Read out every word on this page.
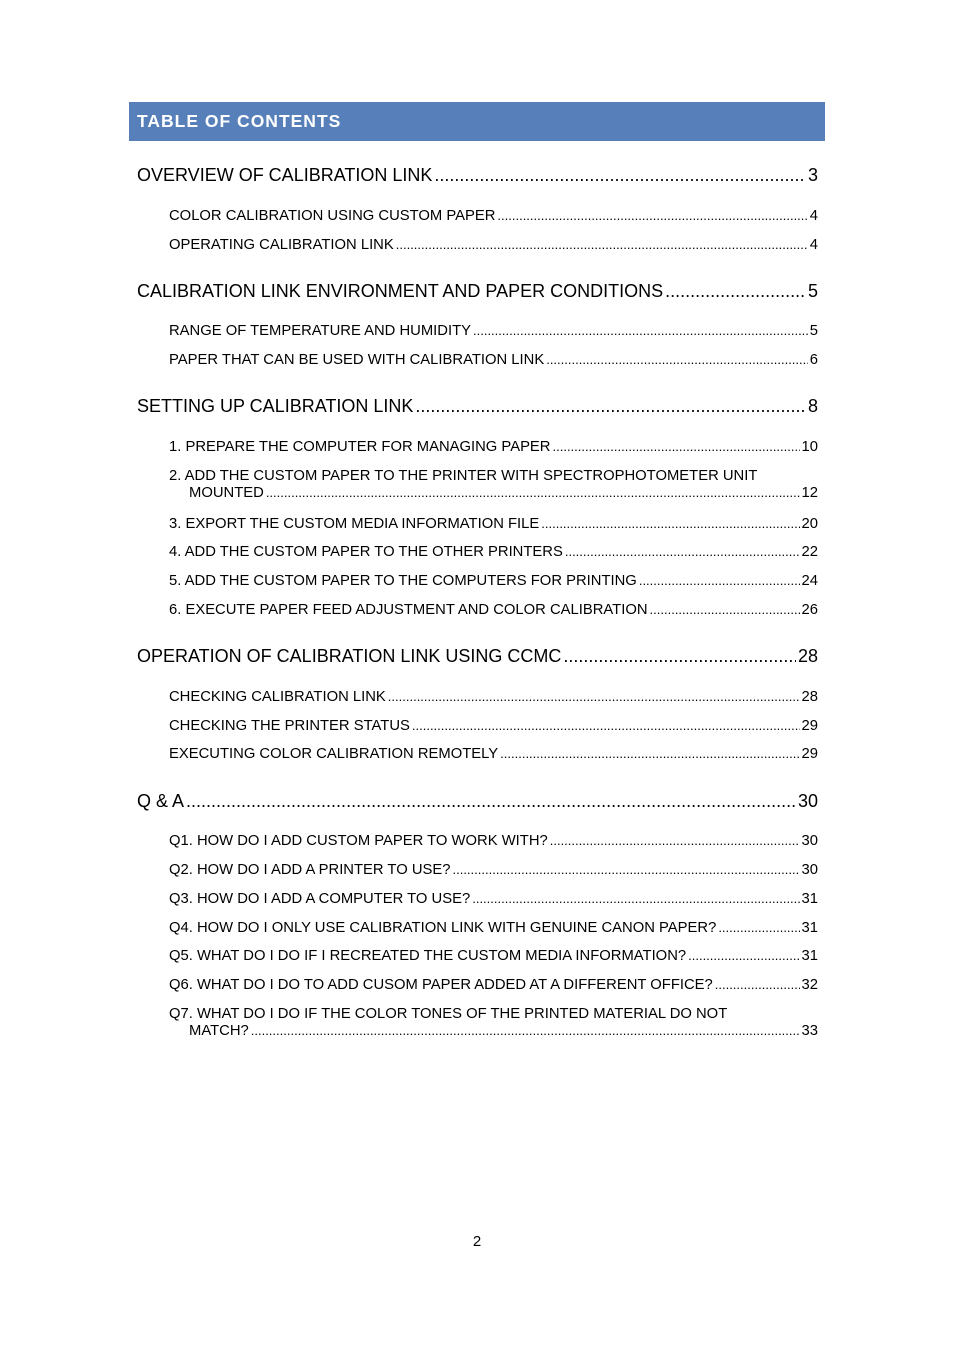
TABLE OF CONTENTS
OVERVIEW OF CALIBRATION LINK .....	3
COLOR CALIBRATION USING CUSTOM PAPER .....	4
OPERATING CALIBRATION LINK .....	4
CALIBRATION LINK ENVIRONMENT AND PAPER CONDITIONS .....	5
RANGE OF TEMPERATURE AND HUMIDITY .....	5
PAPER THAT CAN BE USED WITH CALIBRATION LINK .....	6
SETTING UP CALIBRATION LINK .....	8
1. PREPARE THE COMPUTER FOR MANAGING PAPER .....	10
2. ADD THE CUSTOM PAPER TO THE PRINTER WITH SPECTROPHOTOMETER UNIT
MOUNTED .....	12
3. EXPORT THE CUSTOM MEDIA INFORMATION FILE .....	20
4. ADD THE CUSTOM PAPER TO THE OTHER PRINTERS .....	22
5. ADD THE CUSTOM PAPER TO THE COMPUTERS FOR PRINTING .....	24
6. EXECUTE PAPER FEED ADJUSTMENT AND COLOR CALIBRATION .....	26
OPERATION OF CALIBRATION LINK USING CCMC .....	28
CHECKING CALIBRATION LINK .....	28
CHECKING THE PRINTER STATUS .....	29
EXECUTING COLOR CALIBRATION REMOTELY .....	29
Q & A .....	30
Q1. HOW DO I ADD CUSTOM PAPER TO WORK WITH? .....	30
Q2. HOW DO I ADD A PRINTER TO USE? .....	30
Q3. HOW DO I ADD A COMPUTER TO USE? .....	31
Q4. HOW DO I ONLY USE CALIBRATION LINK WITH GENUINE CANON PAPER? .....	31
Q5. WHAT DO I DO IF I RECREATED THE CUSTOM MEDIA INFORMATION? .....	31
Q6. WHAT DO I DO TO ADD CUSOM PAPER ADDED AT A DIFFERENT OFFICE? .....	32
Q7. WHAT DO I DO IF THE COLOR TONES OF THE PRINTED MATERIAL DO NOT
MATCH? .....	33
2
